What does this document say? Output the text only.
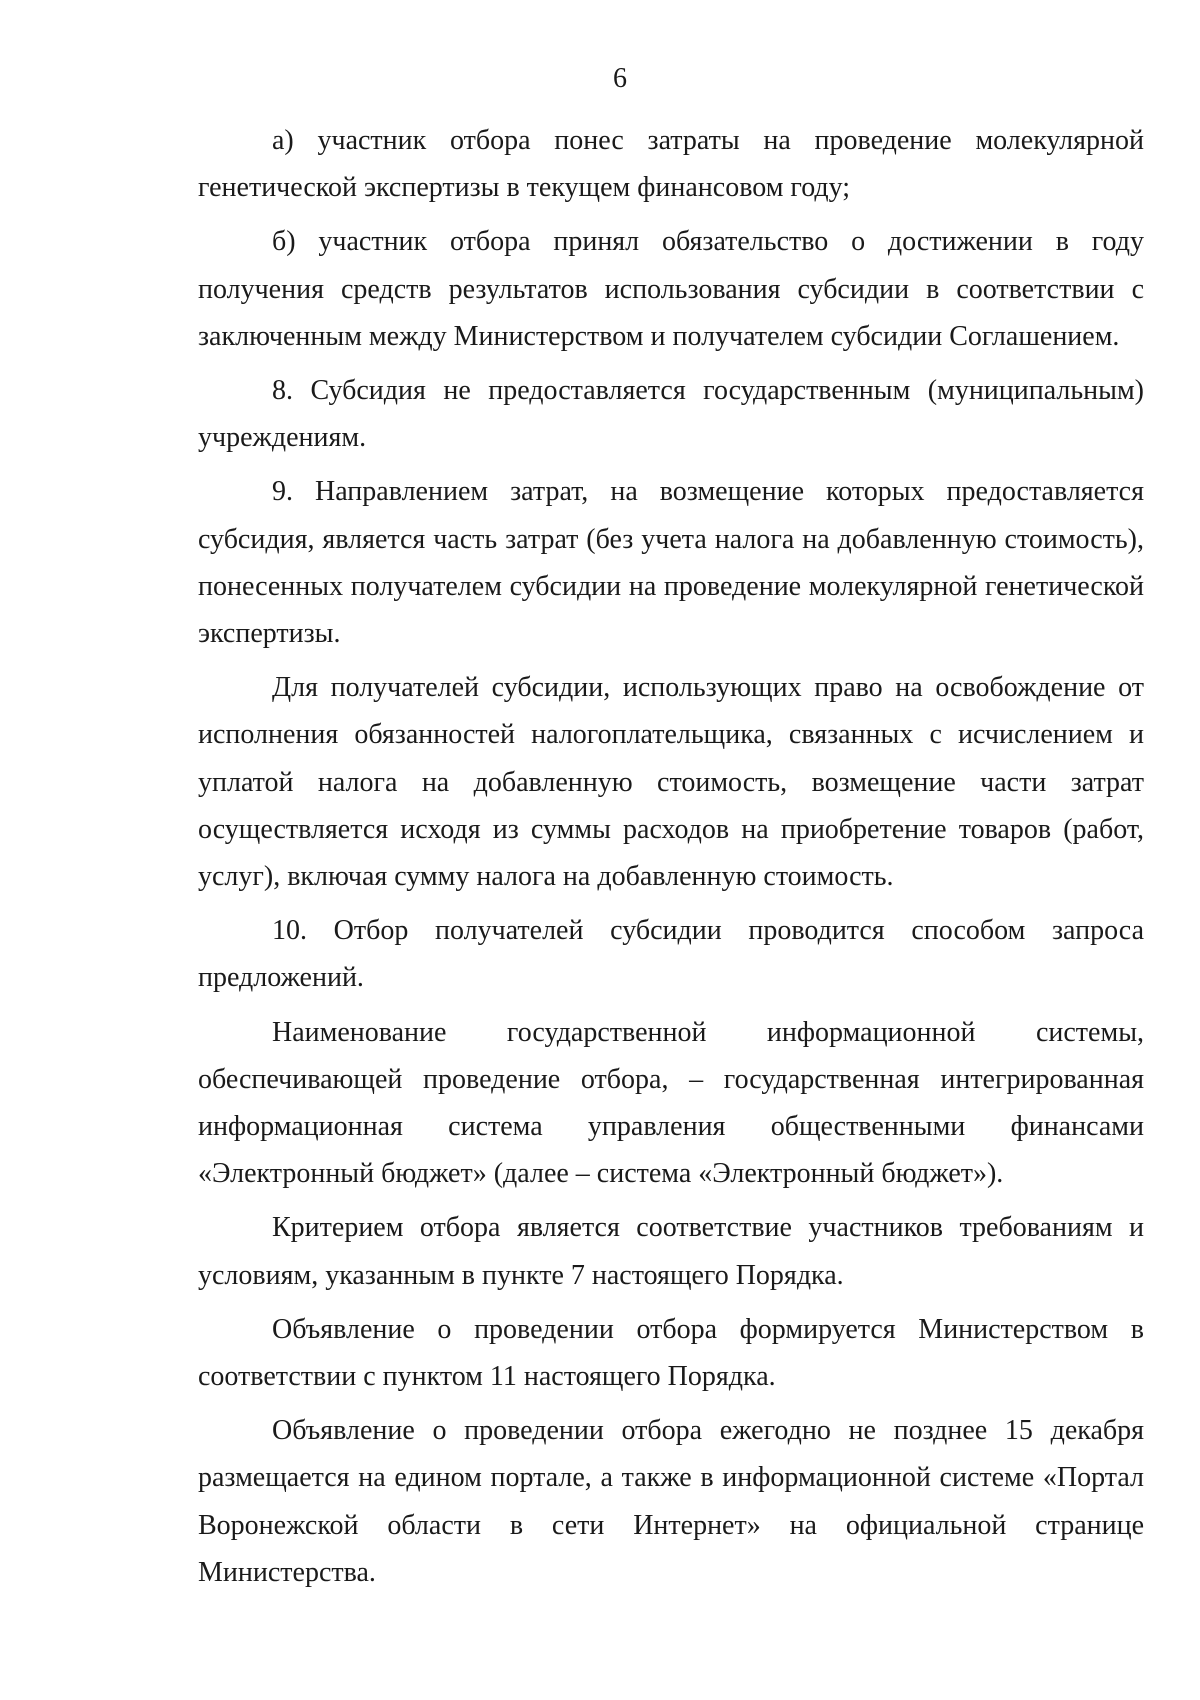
6

а) участник отбора понес затраты на проведение молекулярной генетической экспертизы в текущем финансовом году;

б) участник отбора принял обязательство о достижении в году получения средств результатов использования субсидии в соответствии с заключенным между Министерством и получателем субсидии Соглашением.

8. Субсидия не предоставляется государственным (муниципальным) учреждениям.

9. Направлением затрат, на возмещение которых предоставляется субсидия, является часть затрат (без учета налога на добавленную стоимость), понесенных получателем субсидии на проведение молекулярной генетической экспертизы.

Для получателей субсидии, использующих право на освобождение от исполнения обязанностей налогоплательщика, связанных с исчислением и уплатой налога на добавленную стоимость, возмещение части затрат осуществляется исходя из суммы расходов на приобретение товаров (работ, услуг), включая сумму налога на добавленную стоимость.

10. Отбор получателей субсидии проводится способом запроса предложений.

Наименование государственной информационной системы, обеспечивающей проведение отбора, – государственная интегрированная информационная система управления общественными финансами «Электронный бюджет» (далее – система «Электронный бюджет»).

Критерием отбора является соответствие участников требованиям и условиям, указанным в пункте 7 настоящего Порядка.

Объявление о проведении отбора формируется Министерством в соответствии с пунктом 11 настоящего Порядка.

Объявление о проведении отбора ежегодно не позднее 15 декабря размещается на едином портале, а также в информационной системе «Портал Воронежской области в сети Интернет» на официальной странице Министерства.
